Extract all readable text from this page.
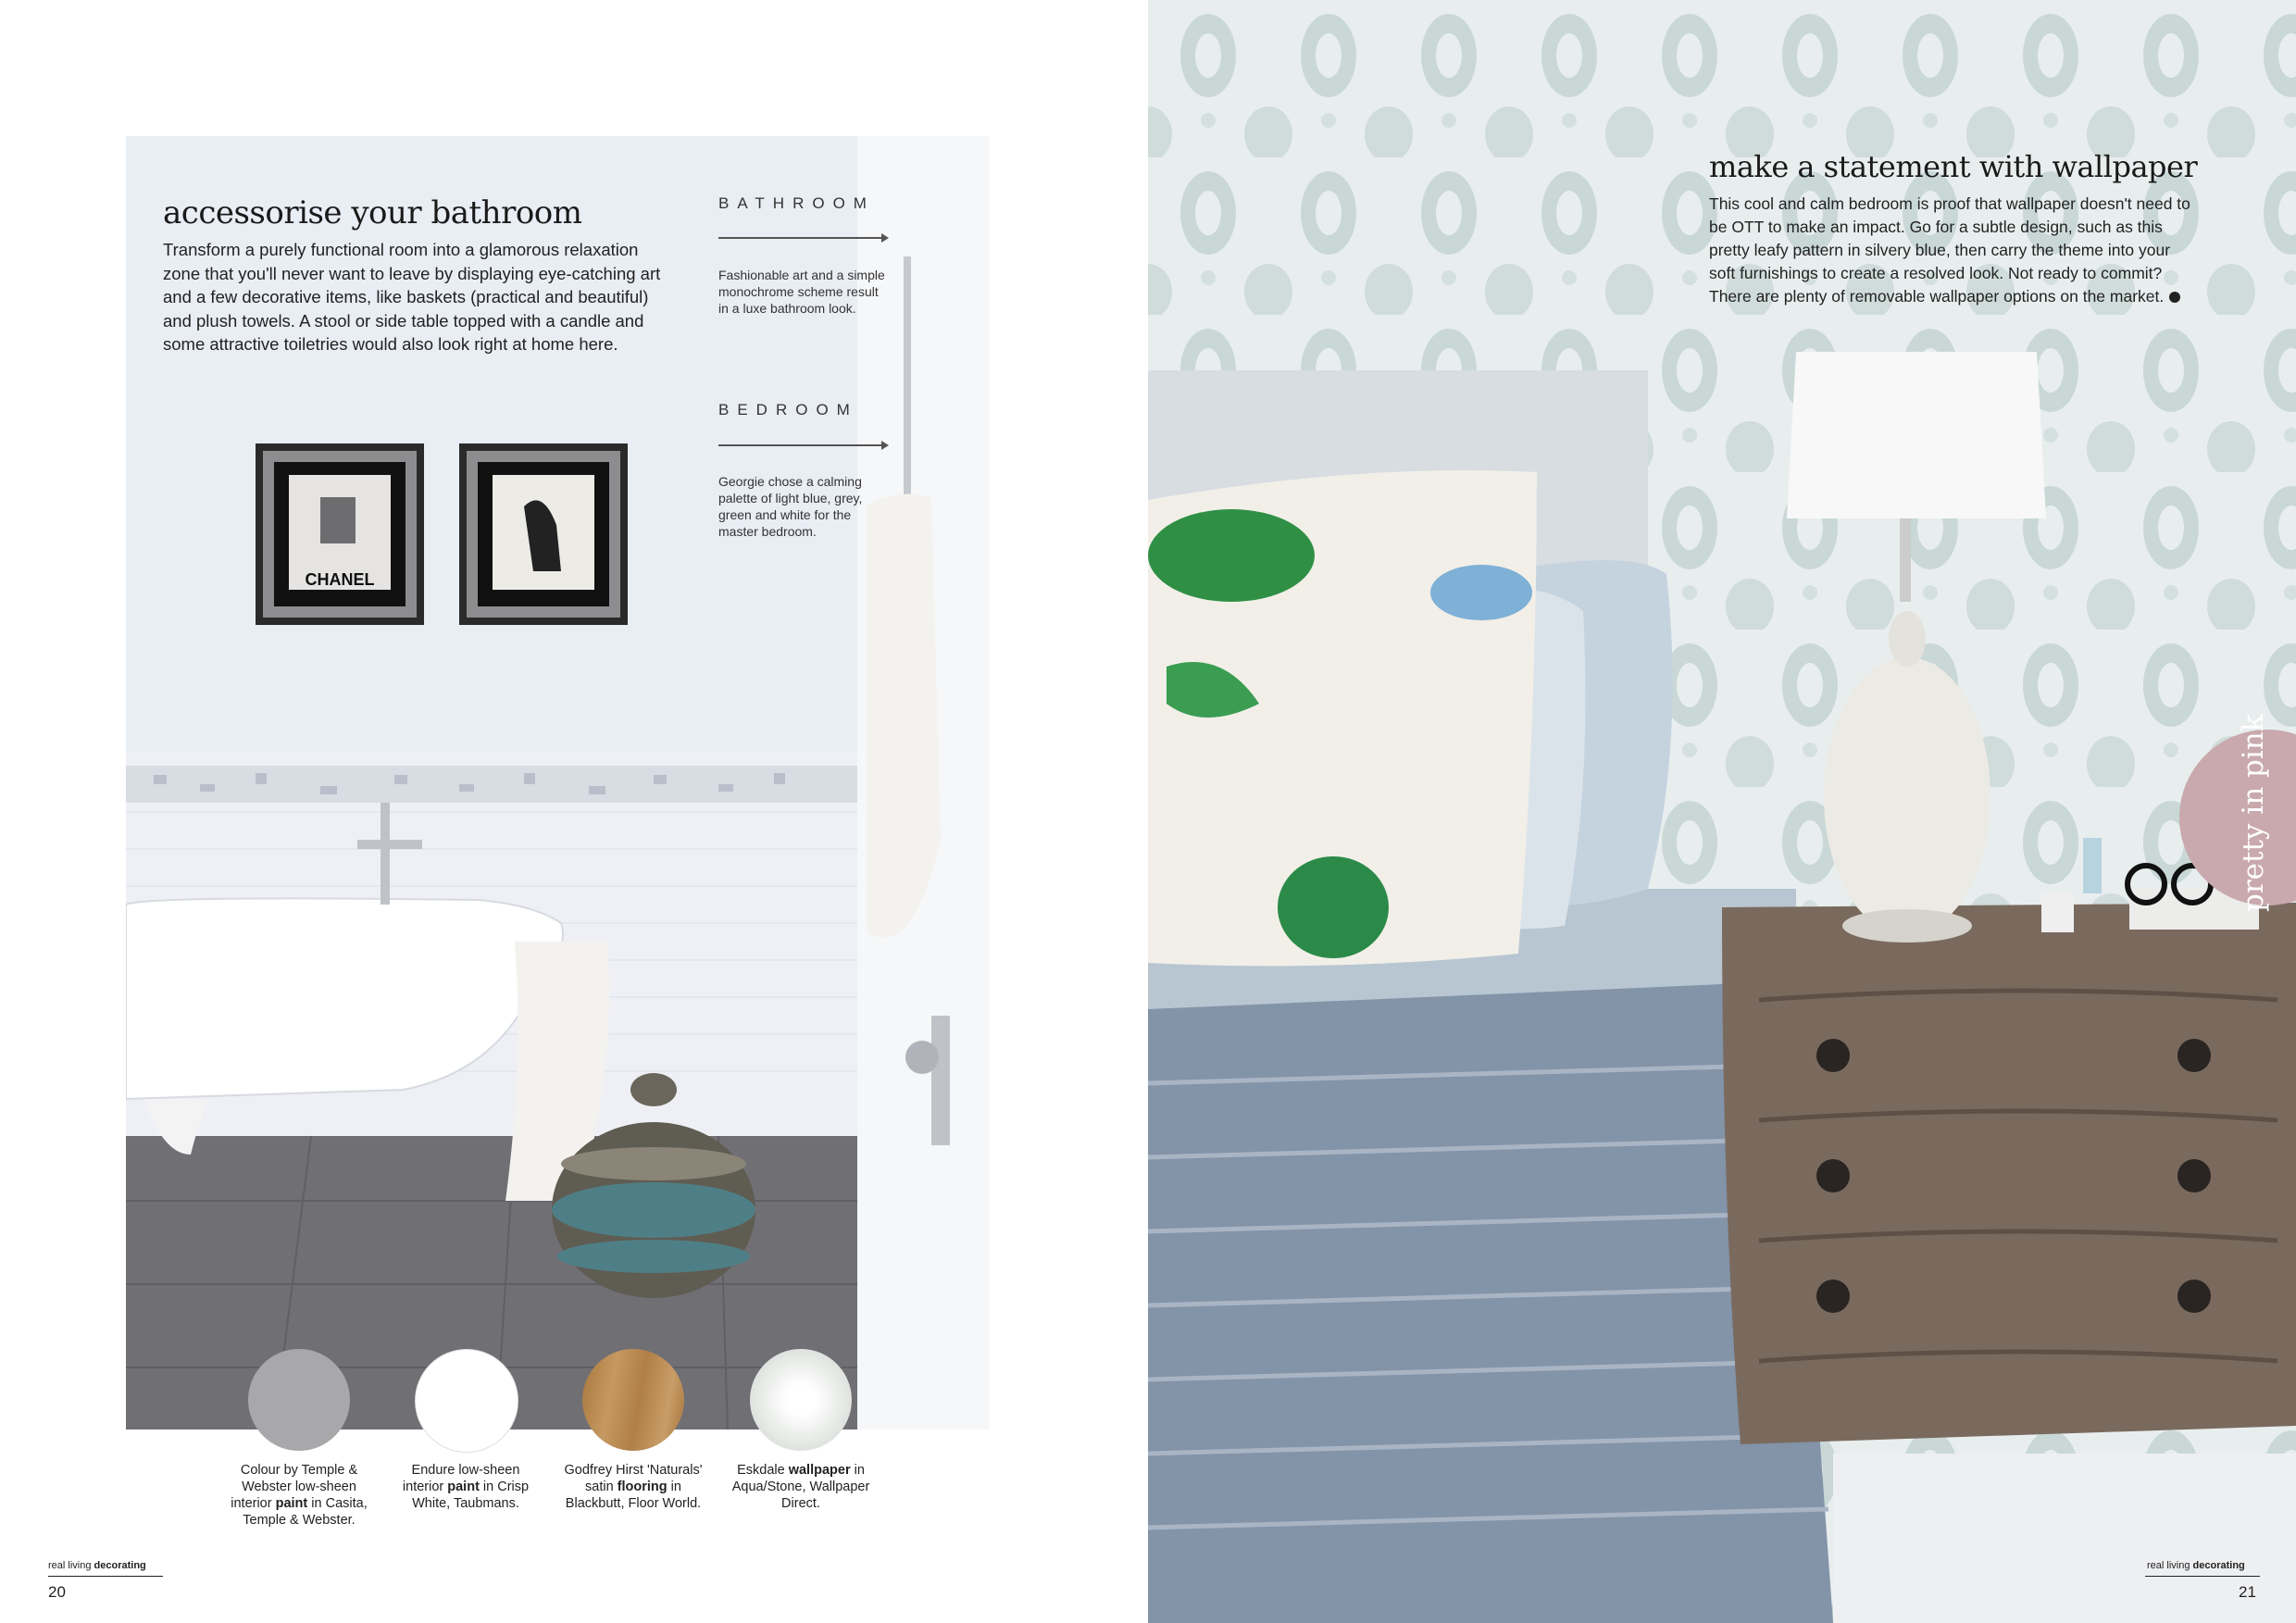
CHANEL
accessorise your bathroom

Transform a purely functional room into a glamorous relaxation zone that you'll never want to leave by displaying eye-catching art and a few decorative items, like baskets (practical and beautiful) and plush towels. A stool or side table topped with a candle and some attractive toiletries would also look right at home here.

BATHROOM

Fashionable art and a simple monochrome scheme result in a luxe bathroom look.

BEDROOM

Georgie chose a calming palette of light blue, grey, green and white for the master bedroom.

Colour by Temple & Webster low-sheen interior paint in Casita, Temple & Webster.
Endure low-sheen interior paint in Crisp White, Taubmans.
Godfrey Hirst 'Naturals' satin flooring in Blackbutt, Floor World.
Eskdale wallpaper in Aqua/Stone, Wallpaper Direct.
real living decorating
20
make a statement with wallpaper

This cool and calm bedroom is proof that wallpaper doesn't need to be OTT to make an impact. Go for a subtle design, such as this pretty leafy pattern in silvery blue, then carry the theme into your soft furnishings to create a resolved look. Not ready to commit? There are plenty of removable wallpaper options on the market.

pretty in pink
real living decorating
21
